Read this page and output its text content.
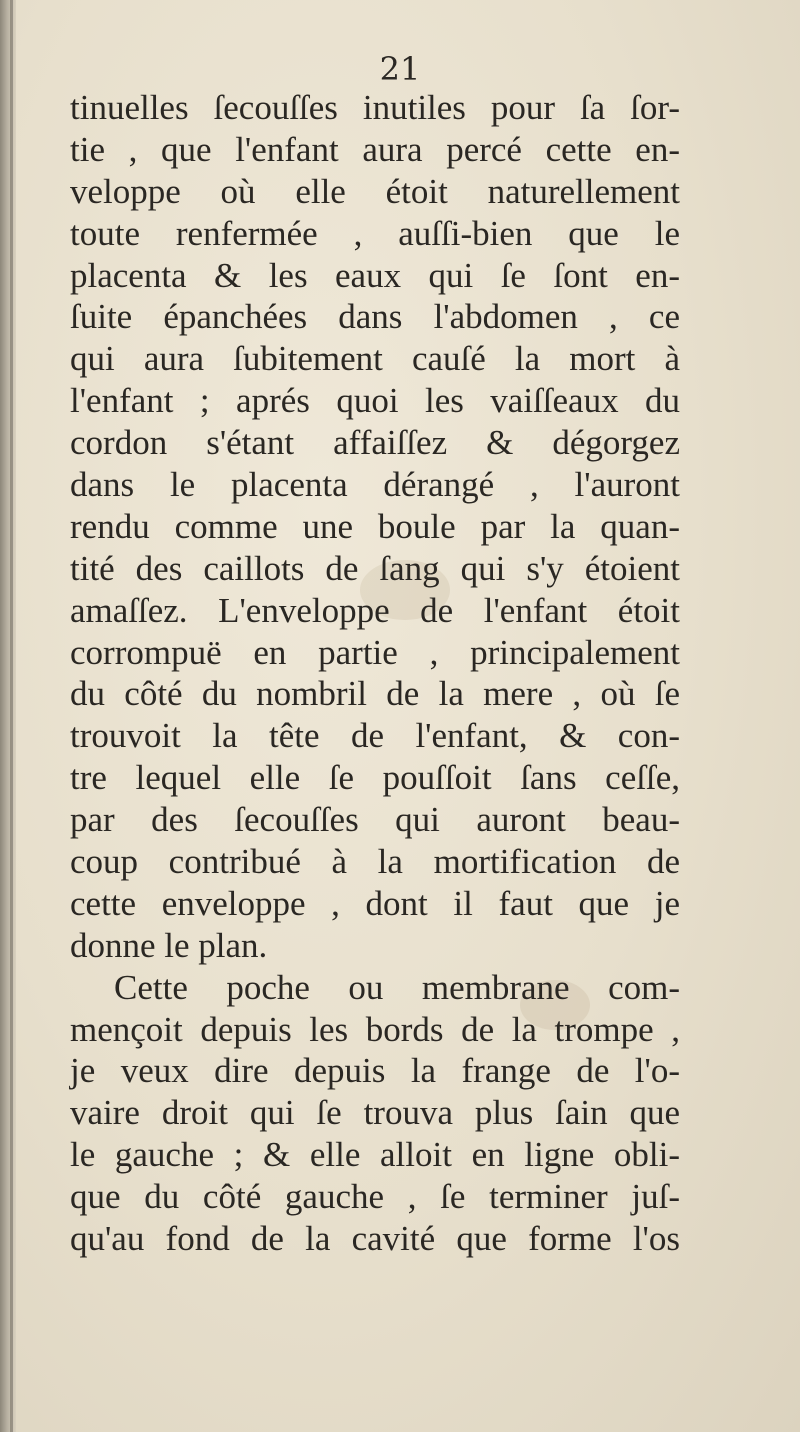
21
tinuelles ſecouſſes inutiles pour ſa ſor-
tie , que l'enfant aura percé cette en-
veloppe où elle étoit naturellement
toute renfermée , auſſi-bien que le
placenta & les eaux qui ſe ſont en-
ſuite épanchées dans l'abdomen , ce
qui aura ſubitement cauſé la mort à
l'enfant ; aprés quoi les vaiſſeaux du
cordon s'étant affaiſſez & dégorgez
dans le placenta dérangé , l'auront
rendu comme une boule par la quan-
tité des caillots de ſang qui s'y étoient
amaſſez. L'enveloppe de l'enfant étoit
corrompuë en partie , principalement
du côté du nombril de la mere , où ſe
trouvoit la tête de l'enfant, & con-
tre lequel elle ſe pouſſoit ſans ceſſe,
par des ſecouſſes qui auront beau-
coup contribué à la mortification de
cette enveloppe , dont il faut que je
donne le plan.
Cette poche ou membrane com-
mençoit depuis les bords de la trompe ,
je veux dire depuis la frange de l'o-
vaire droit qui ſe trouva plus ſain que
le gauche ; & elle alloit en ligne obli-
que du côté gauche , ſe terminer juſ-
qu'au fond de la cavité que forme l'os
